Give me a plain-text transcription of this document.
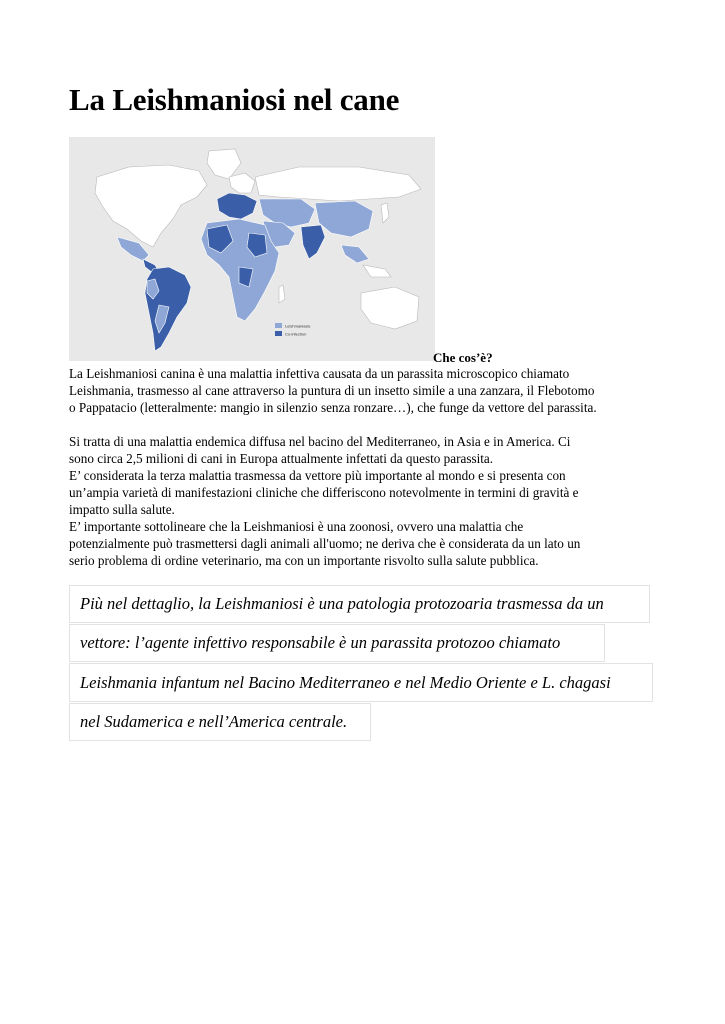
La Leishmaniosi nel cane
Leishmaniasis
Co-infection
Che cos’è?

La Leishmaniosi canina è una malattia infettiva causata da un parassita microscopico chiamato
Leishmania, trasmesso al cane attraverso la puntura di un insetto simile a una zanzara, il Flebotomo
o Pappatacio (letteralmente: mangio in silenzio senza ronzare…), che funge da vettore del parassita.

Si tratta di una malattia endemica diffusa nel bacino del Mediterraneo, in Asia e in America. Ci
sono circa 2,5 milioni di cani in Europa attualmente infettati da questo parassita.
E’ considerata la terza malattia trasmessa da vettore più importante al mondo e si presenta con
un’ampia varietà di manifestazioni cliniche che differiscono notevolmente in termini di gravità e
impatto sulla salute.
E’ importante sottolineare che la Leishmaniosi è una zoonosi, ovvero una malattia che
potenzialmente può trasmettersi dagli animali all'uomo; ne deriva che è considerata da un lato un
serio problema di ordine veterinario, ma con un importante risvolto sulla salute pubblica.

Più nel dettaglio, la Leishmaniosi è una patologia protozoaria trasmessa da un
vettore: l’agente infettivo responsabile è un parassita protozoo chiamato
Leishmania infantum nel Bacino Mediterraneo e nel Medio Oriente e L. chagasi
nel Sudamerica e nell’America centrale.
